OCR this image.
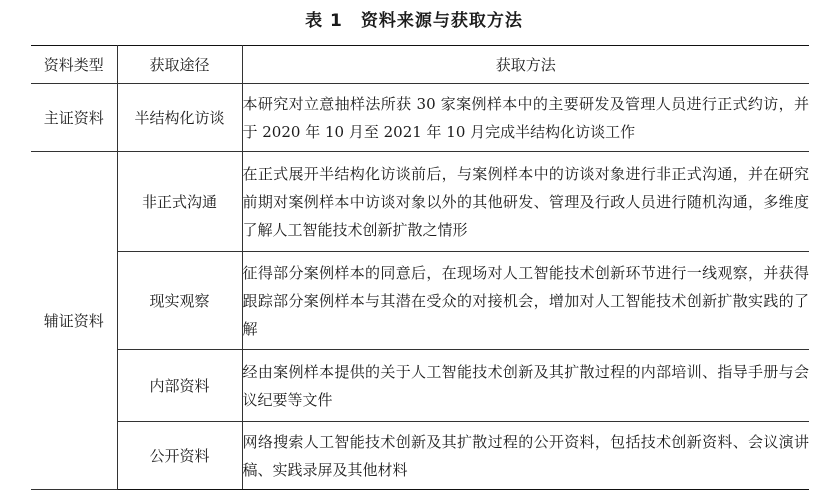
表 1 资料来源与获取方法
资料类型	获取途径	获取方法
主证资料	半结构化访谈	本研究对立意抽样法所获 30 家案例样本中的主要研发及管理人员进行正式约访，并于 2020 年 10 月至 2021 年 10 月完成半结构化访谈工作
辅证资料	非正式沟通	在正式展开半结构化访谈前后，与案例样本中的访谈对象进行非正式沟通，并在研究前期对案例样本中访谈对象以外的其他研发、管理及行政人员进行随机沟通，多维度了解人工智能技术创新扩散之情形
	现实观察	征得部分案例样本的同意后，在现场对人工智能技术创新环节进行一线观察，并获得跟踪部分案例样本与其潜在受众的对接机会，增加对人工智能技术创新扩散实践的了解
	内部资料	经由案例样本提供的关于人工智能技术创新及其扩散过程的内部培训、指导手册与会议纪要等文件
	公开资料	网络搜索人工智能技术创新及其扩散过程的公开资料，包括技术创新资料、会议演讲稿、实践录屏及其他材料
